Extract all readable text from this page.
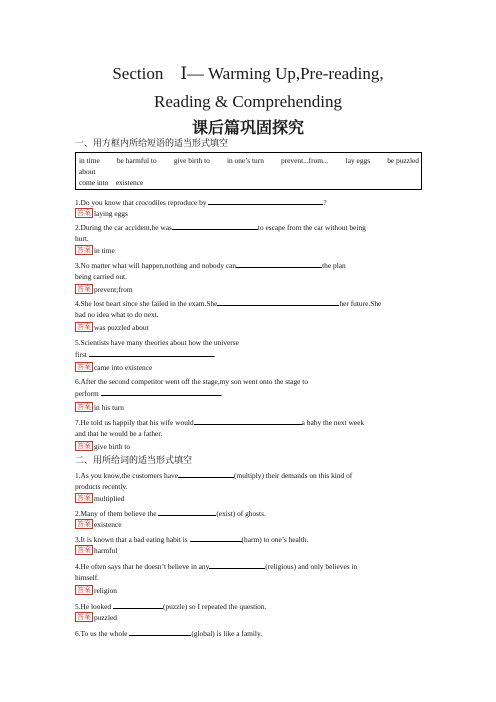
Section　Ⅰ— Warming Up,Pre-reading,
Reading & Comprehending
课后篇巩固探究
一、用方框内所给短语的适当形式填空
in time be harmful to give birth to in one’s turn prevent...from... lay eggs be puzzled
about
come into　existence
1.Do you know that crocodiles reproduce by	?
答案 laying eggs
2.During the car accident,he was	to escape from the car without being
hurt.
答案 in time
3.No matter what will happen,nothing and nobody can	the plan
being carried out.
答案 prevent;from
4.She lost heart since she failed in the exam.She	her future.She
had no idea what to do next.
答案 was puzzled about
5.Scientists have many theories about how the universe
first	.
答案 came into existence
6.After the second competitor went off the stage,my son went onto the stage to
perform	.
答案 in his turn
7.He told us happily that his wife would	a baby the next week
and that he would be a father.
答案 give birth to
二、用所给词的适当形式填空
1.As you know,the customers have	(multiply) their demands on this kind of
products recently.
答案 multiplied
2.Many of them believe the	(exist) of ghosts.
答案 existence
3.It is known that a bad eating habit is	(harm) to one’s health.
答案 harmful
4.He often says that he doesn’t believe in any	(religious) and only believes in
himself.
答案 religion
5.He looked	(puzzle) so I repeated the question.
答案 puzzled
6.To us the whole	(global) is like a family.
